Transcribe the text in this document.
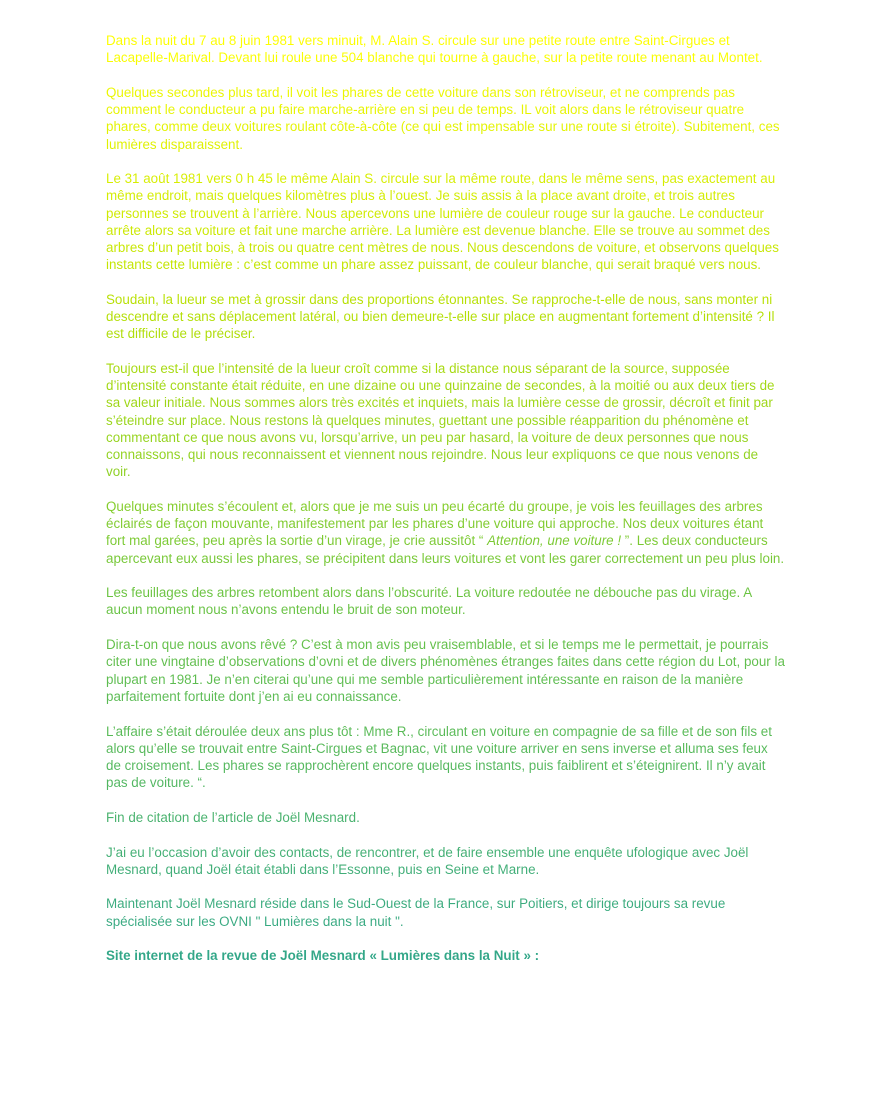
Dans la nuit du 7 au 8 juin 1981 vers minuit, M. Alain S. circule sur une petite route entre Saint-Cirgues et Lacapelle-Marival. Devant lui roule une 504 blanche qui tourne à gauche, sur la petite route menant au Montet.

Quelques secondes plus tard, il voit les phares de cette voiture dans son rétroviseur, et ne comprends pas comment le conducteur a pu faire marche-arrière en si peu de temps. IL voit alors dans le rétroviseur quatre phares, comme deux voitures roulant côte-à-côte (ce qui est impensable sur une route si étroite). Subitement, ces lumières disparaissent.

Le 31 août 1981 vers 0 h 45 le même Alain S. circule sur la même route, dans le même sens, pas exactement au même endroit, mais quelques kilomètres plus à l’ouest. Je suis assis à la place avant droite, et trois autres personnes se trouvent à l’arrière. Nous apercevons une lumière de couleur rouge sur la gauche. Le conducteur arrête alors sa voiture et fait une marche arrière. La lumière est devenue blanche. Elle se trouve au sommet des arbres d’un petit bois, à trois ou quatre cent mètres de nous. Nous descendons de voiture, et observons quelques instants cette lumière : c’est comme un phare assez puissant, de couleur blanche, qui serait braqué vers nous.

Soudain, la lueur se met à grossir dans des proportions étonnantes. Se rapproche-t-elle de nous, sans monter ni descendre et sans déplacement latéral, ou bien demeure-t-elle sur place en augmentant fortement d’intensité ? Il est difficile de le préciser.

Toujours est-il que l’intensité de la lueur croît comme si la distance nous séparant de la source, supposée d’intensité constante était réduite, en une dizaine ou une quinzaine de secondes, à la moitié ou aux deux tiers de sa valeur initiale. Nous sommes alors très excités et inquiets, mais la lumière cesse de grossir, décroît et finit par s’éteindre sur place. Nous restons là quelques minutes, guettant une possible réapparition du phénomène et commentant ce que nous avons vu, lorsqu’arrive, un peu par hasard, la voiture de deux personnes que nous connaissons, qui nous reconnaissent et viennent nous rejoindre. Nous leur expliquons ce que nous venons de voir.

Quelques minutes s’écoulent et, alors que je me suis un peu écarté du groupe, je vois les feuillages des arbres éclairés de façon mouvante, manifestement par les phares d’une voiture qui approche. Nos deux voitures étant fort mal garées, peu après la sortie d’un virage, je crie aussitôt “ Attention, une voiture ! ”. Les deux conducteurs apercevant eux aussi les phares, se précipitent dans leurs voitures et vont les garer correctement un peu plus loin.

Les feuillages des arbres retombent alors dans l’obscurité. La voiture redoutée ne débouche pas du virage. A aucun moment nous n’avons entendu le bruit de son moteur.

Dira-t-on que nous avons rêvé ? C’est à mon avis peu vraisemblable, et si le temps me le permettait, je pourrais citer une vingtaine d’observations d’ovni et de divers phénomènes étranges faites dans cette région du Lot, pour la plupart en 1981. Je n’en citerai qu’une qui me semble particulièrement intéressante en raison de la manière parfaitement fortuite dont j’en ai eu connaissance.

L’affaire s’était déroulée deux ans plus tôt : Mme R., circulant en voiture en compagnie de sa fille et de son fils et alors qu’elle se trouvait entre Saint-Cirgues et Bagnac, vit une voiture arriver en sens inverse et alluma ses feux de croisement. Les phares se rapprochèrent encore quelques instants, puis faiblirent et s’éteignirent. Il n’y avait pas de voiture. “.

Fin de citation de l’article de Joël Mesnard.

J’ai eu l’occasion d’avoir des contacts, de rencontrer, et de faire ensemble une enquête ufologique avec Joël Mesnard, quand Joël était établi dans l’Essonne, puis en Seine et Marne.

Maintenant Joël Mesnard réside dans le Sud-Ouest de la France, sur Poitiers, et dirige toujours sa revue spécialisée sur les OVNI " Lumières dans la nuit ".

Site internet de la revue de Joël Mesnard « Lumières dans la Nuit » :
